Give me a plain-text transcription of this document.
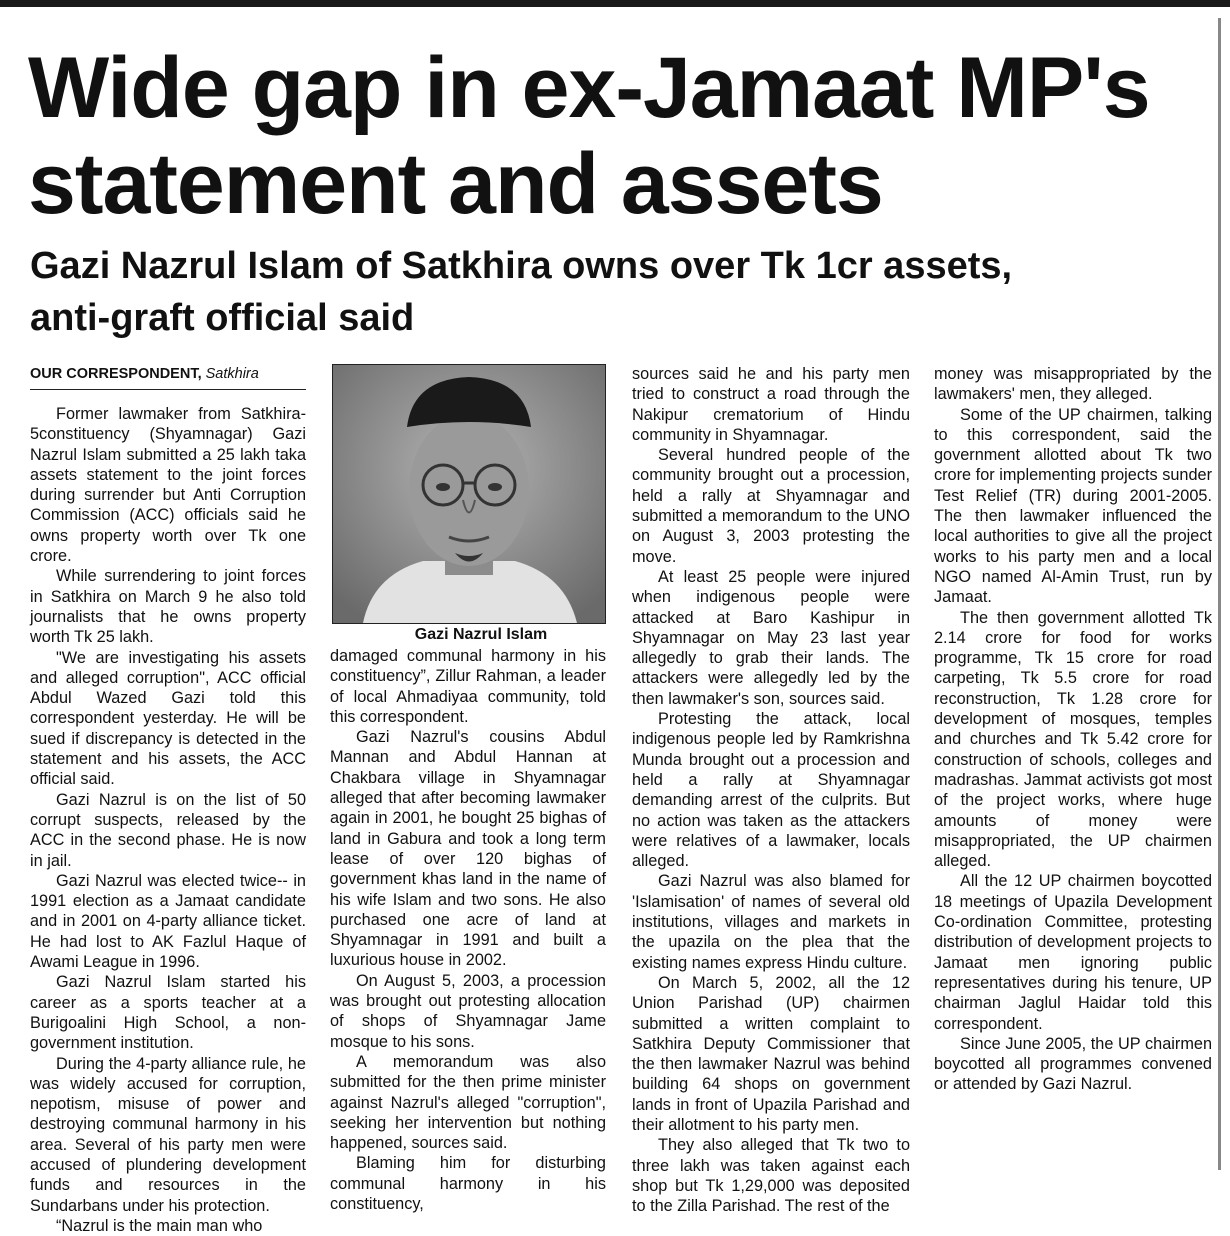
Wide gap in ex-Jamaat MP's
statement and assets
Gazi Nazrul Islam of Satkhira owns over Tk 1cr assets,
anti-graft official said
OUR CORRESPONDENT, Satkhira

Former lawmaker from Satkhira-5constituency (Shyamnagar) Gazi Nazrul Islam submitted a 25 lakh taka assets statement to the joint forces during surrender but Anti Corruption Commission (ACC) officials said he owns property worth over Tk one crore.

While surrendering to joint forces in Satkhira on March 9 he also told journalists that he owns property worth Tk 25 lakh.

"We are investigating his assets and alleged corruption", ACC official Abdul Wazed Gazi told this correspondent yesterday. He will be sued if discrepancy is detected in the statement and his assets, the ACC official said.

Gazi Nazrul is on the list of 50 corrupt suspects, released by the ACC in the second phase. He is now in jail.

Gazi Nazrul was elected twice-- in 1991 election as a Jamaat candidate and in 2001 on 4-party alliance ticket. He had lost to AK Fazlul Haque of Awami League in 1996.

Gazi Nazrul Islam started his career as a sports teacher at a Burigoalini High School, a non-government institution.

During the 4-party alliance rule, he was widely accused for corruption, nepotism, misuse of power and destroying communal harmony in his area. Several of his party men were accused of plundering development funds and resources in the Sundarbans under his protection.

“Nazrul is the main man who

Gazi Nazrul Islam

damaged communal harmony in his constituency”, Zillur Rahman, a leader of local Ahmadiyaa community, told this correspondent.

Gazi Nazrul's cousins Abdul Mannan and Abdul Hannan at Chakbara village in Shyamnagar alleged that after becoming lawmaker again in 2001, he bought 25 bighas of land in Gabura and took a long term lease of over 120 bighas of government khas land in the name of his wife Islam and two sons. He also purchased one acre of land at Shyamnagar in 1991 and built a luxurious house in 2002.

On August 5, 2003, a procession was brought out protesting allocation of shops of Shyamnagar Jame mosque to his sons.

A memorandum was also submitted for the then prime minister against Nazrul's alleged "corruption", seeking her intervention but nothing happened, sources said.

Blaming him for disturbing communal harmony in his constituency,

sources said he and his party men tried to construct a road through the Nakipur crematorium of Hindu community in Shyamnagar.

Several hundred people of the community brought out a procession, held a rally at Shyamnagar and submitted a memorandum to the UNO on August 3, 2003 protesting the move.

At least 25 people were injured when indigenous people were attacked at Baro Kashipur in Shyamnagar on May 23 last year allegedly to grab their lands. The attackers were allegedly led by the then lawmaker's son, sources said.

Protesting the attack, local indigenous people led by Ramkrishna Munda brought out a procession and held a rally at Shyamnagar demanding arrest of the culprits. But no action was taken as the attackers were relatives of a lawmaker, locals alleged.

Gazi Nazrul was also blamed for 'Islamisation' of names of several old institutions, villages and markets in the upazila on the plea that the existing names express Hindu culture.

On March 5, 2002, all the 12 Union Parishad (UP) chairmen submitted a written complaint to Satkhira Deputy Commissioner that the then lawmaker Nazrul was behind building 64 shops on government lands in front of Upazila Parishad and their allotment to his party men.

They also alleged that Tk two to three lakh was taken against each shop but Tk 1,29,000 was deposited to the Zilla Parishad. The rest of the

money was misappropriated by the lawmakers' men, they alleged.

Some of the UP chairmen, talking to this correspondent, said the government allotted about Tk two crore for implementing projects sunder Test Relief (TR) during 2001-2005. The then lawmaker influenced the local authorities to give all the project works to his party men and a local NGO named Al-Amin Trust, run by Jamaat.

The then government allotted Tk 2.14 crore for food for works programme, Tk 15 crore for road carpeting, Tk 5.5 crore for road reconstruction, Tk 1.28 crore for development of mosques, temples and churches and Tk 5.42 crore for construction of schools, colleges and madrashas. Jammat activists got most of the project works, where huge amounts of money were misappropriated, the UP chairmen alleged.

All the 12 UP chairmen boycotted 18 meetings of Upazila Development Co-ordination Committee, protesting distribution of development projects to Jamaat men ignoring public representatives during his tenure, UP chairman Jaglul Haidar told this correspondent.

Since June 2005, the UP chairmen boycotted all programmes convened or attended by Gazi Nazrul.
